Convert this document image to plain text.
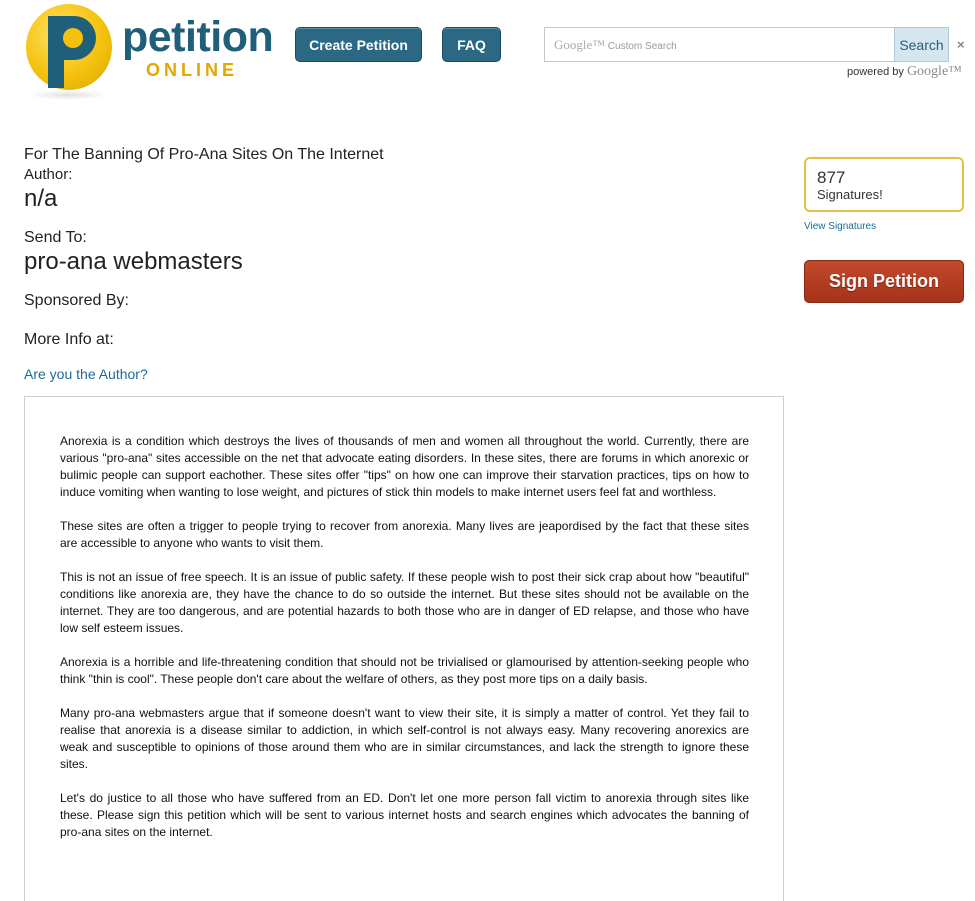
petition
ONLINE
Create Petition	FAQ	Google™ Custom Search	Search	×
powered by Google™
For The Banning Of Pro-Ana Sites On The Internet
Author:
n/a
Send To:
pro-ana webmasters
Sponsored By:
More Info at:
Are you the Author?

Anorexia is a condition which destroys the lives of thousands of men and women all throughout the world. Currently, there are various "pro-ana" sites accessible on the net that advocate eating disorders. In these sites, there are forums in which anorexic or bulimic people can support eachother. These sites offer "tips" on how one can improve their starvation practices, tips on how to induce vomiting when wanting to lose weight, and pictures of stick thin models to make internet users feel fat and worthless.

These sites are often a trigger to people trying to recover from anorexia. Many lives are jeapordised by the fact that these sites are accessible to anyone who wants to visit them.

This is not an issue of free speech. It is an issue of public safety. If these people wish to post their sick crap about how "beautiful" conditions like anorexia are, they have the chance to do so outside the internet. But these sites should not be available on the internet. They are too dangerous, and are potential hazards to both those who are in danger of ED relapse, and those who have low self esteem issues.

Anorexia is a horrible and life-threatening condition that should not be trivialised or glamourised by attention-seeking people who think "thin is cool". These people don't care about the welfare of others, as they post more tips on a daily basis.

Many pro-ana webmasters argue that if someone doesn't want to view their site, it is simply a matter of control. Yet they fail to realise that anorexia is a disease similar to addiction, in which self-control is not always easy. Many recovering anorexics are weak and susceptible to opinions of those around them who are in similar circumstances, and lack the strength to ignore these sites.

Let's do justice to all those who have suffered from an ED. Don't let one more person fall victim to anorexia through sites like these. Please sign this petition which will be sent to various internet hosts and search engines which advocates the banning of pro-ana sites on the internet.

877
Signatures!
View Signatures
Sign Petition
